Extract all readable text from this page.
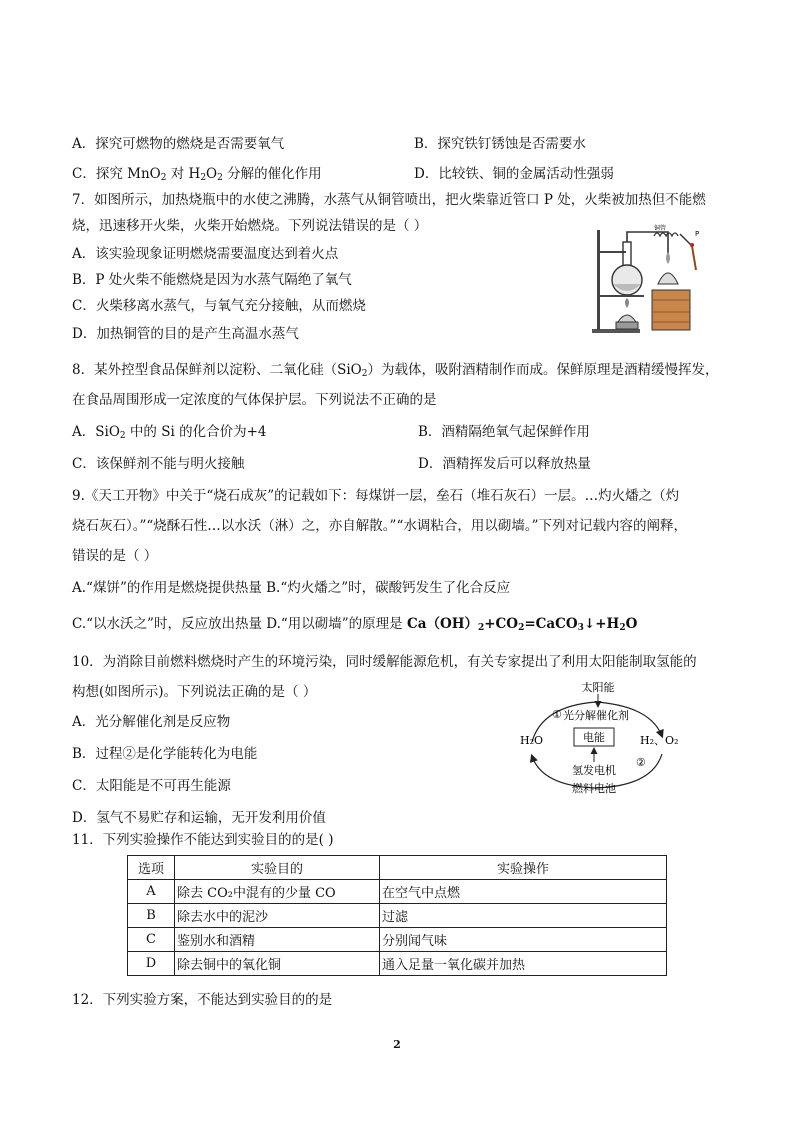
A．探究可燃物的燃烧是否需要氧气	B．探究铁钉锈蚀是否需要水
C．探究 MnO$_2$ 对 $H_2O_2$ 分解的催化作用	D．比较铁、铜的金属活动性强弱
7．如图所示，加热烧瓶中的水使之沸腾，水蒸气从铜管喷出，把火柴靠近管口 P 处，火柴被加热但不能燃
烧，迅速移开火柴，火柴开始燃烧。下列说法错误的是（ ）
A．该实验现象证明燃烧需要温度达到着火点
B．P 处火柴不能燃烧是因为水蒸气隔绝了氧气
C．火柴移离水蒸气，与氧气充分接触，从而燃烧
D．加热铜管的目的是产生高温水蒸气
铜管
P
8．某外控型食品保鲜剂以淀粉、二氧化硅（SiO$_2$）为载体，吸附酒精制作而成。保鲜原理是酒精缓慢挥发，
在食品周围形成一定浓度的气体保护层。下列说法不正确的是
A．SiO$_2$ 中的 Si 的化合价为+4	B．酒精隔绝氧气起保鲜作用
C．该保鲜剂不能与明火接触	D．酒精挥发后可以释放热量
9.《天工开物》中关于“烧石成灰”的记载如下：每煤饼一层，垒石（堆石灰石）一层。…灼火燔之（灼
烧石灰石）。”“烧酥石性…以水沃（淋）之，亦自解散。”“水调粘合，用以砌墙。”下列对记载内容的阐释，
错误的是（ ）
A.“煤饼”的作用是燃烧提供热量 B.“灼火燔之”时，碳酸钙发生了化合反应
C.“以水沃之”时，反应放出热量 D.“用以砌墙”的原理是 $Ca(OH)_2+CO_2=CaCO_3↓+H_2O$
10．为消除目前燃料燃烧时产生的环境污染，同时缓解能源危机，有关专家提出了利用太阳能制取氢能的
构想(如图所示)。下列说法正确的是（ ）
A．光分解催化剂是反应物
B．过程②是化学能转化为电能
C．太阳能是不可再生能源
D．氢气不易贮存和运输，无开发利用价值
太阳能
① 光分解催化剂
H₂O	电能	H₂、O₂
②
氢发电机
燃料电池
11．下列实验操作不能达到实验目的的是( )
选项	实验目的	实验操作
A	除去 CO₂中混有的少量 CO	在空气中点燃
B	除去水中的泥沙	过滤
C	鉴别水和酒精	分别闻气味
D	除去铜中的氧化铜	通入足量一氧化碳并加热
12．下列实验方案，不能达到实验目的的是
2
